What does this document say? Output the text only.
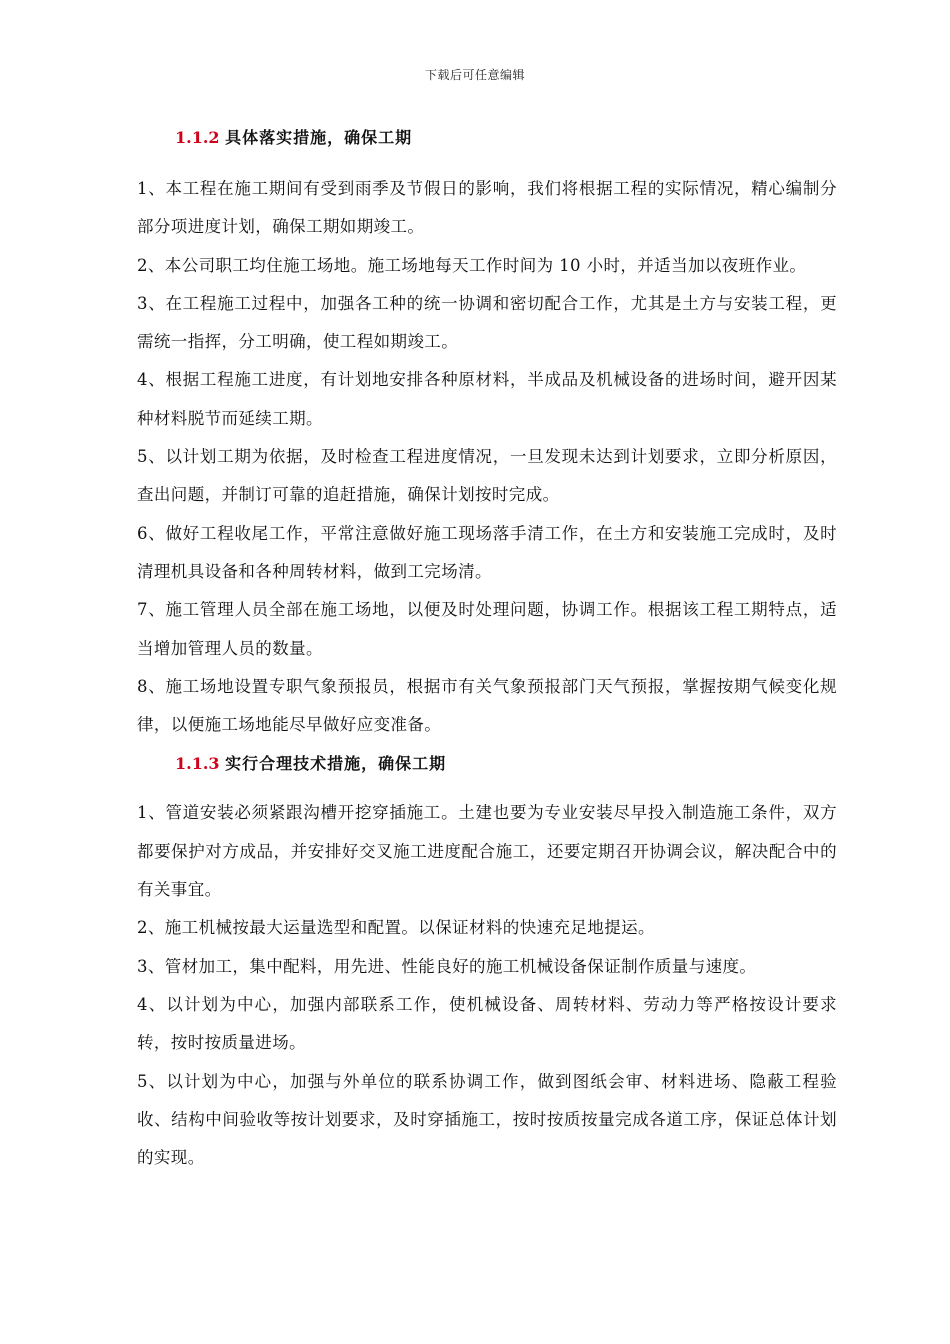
下载后可任意编辑
1.1.2 具体落实措施，确保工期

1、本工程在施工期间有受到雨季及节假日的影响，我们将根据工程的实际情况，精心编制分部分项进度计划，确保工期如期竣工。

2、本公司职工均住施工场地。施工场地每天工作时间为 10 小时，并适当加以夜班作业。

3、在工程施工过程中，加强各工种的统一协调和密切配合工作，尤其是土方与安装工程，更需统一指挥，分工明确，使工程如期竣工。

4、根据工程施工进度，有计划地安排各种原材料，半成品及机械设备的进场时间，避开因某种材料脱节而延续工期。

5、以计划工期为依据，及时检查工程进度情况，一旦发现未达到计划要求，立即分析原因，查出问题，并制订可靠的追赶措施，确保计划按时完成。

6、做好工程收尾工作，平常注意做好施工现场落手清工作，在土方和安装施工完成时，及时清理机具设备和各种周转材料，做到工完场清。

7、施工管理人员全部在施工场地，以便及时处理问题，协调工作。根据该工程工期特点，适当增加管理人员的数量。

8、施工场地设置专职气象预报员，根据市有关气象预报部门天气预报，掌握按期气候变化规律，以便施工场地能尽早做好应变准备。

1.1.3 实行合理技术措施，确保工期

1、管道安装必须紧跟沟槽开挖穿插施工。土建也要为专业安装尽早投入制造施工条件，双方都要保护对方成品，并安排好交叉施工进度配合施工，还要定期召开协调会议，解决配合中的有关事宜。

2、施工机械按最大运量选型和配置。以保证材料的快速充足地提运。

3、管材加工，集中配料，用先进、性能良好的施工机械设备保证制作质量与速度。

4、以计划为中心，加强内部联系工作，使机械设备、周转材料、劳动力等严格按设计要求转，按时按质量进场。

5、以计划为中心，加强与外单位的联系协调工作，做到图纸会审、材料进场、隐蔽工程验收、结构中间验收等按计划要求，及时穿插施工，按时按质按量完成各道工序，保证总体计划的实现。
